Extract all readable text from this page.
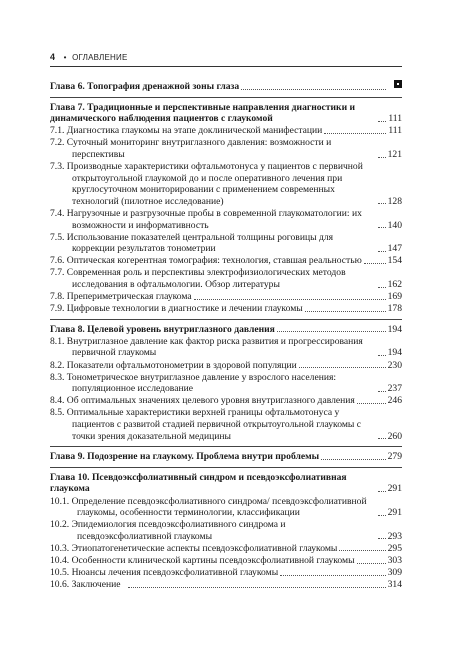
4 • ОГЛАВЛЕНИЕ
Глава 6. Топография дренажной зоны глаза
Глава 7. Традиционные и перспективные направления диагностики и динамического наблюдения пациентов с глаукомой	111
7.1. Диагностика глаукомы на этапе доклинической манифестации	111
7.2. Суточный мониторинг внутриглазного давления: возможности и перспективы	121
7.3. Производные характеристики офтальмотонуса у пациентов с первичной открытоугольной глаукомой до и после оперативного лечения при круглосуточном мониторировании с применением современных технологий (пилотное исследование)	128
7.4. Нагрузочные и разгрузочные пробы в современной глаукоматологии: их возможности и информативность	140
7.5. Использование показателей центральной толщины роговицы для коррекции результатов тонометрии	147
7.6. Оптическая когерентная томография: технология, ставшая реальностью	154
7.7. Современная роль и перспективы электрофизиологических методов исследования в офтальмологии. Обзор литературы	162
7.8. Препериметрическая глаукома	169
7.9. Цифровые технологии в диагностике и лечении глаукомы	178
Глава 8. Целевой уровень внутриглазного давления	194
8.1. Внутриглазное давление как фактор риска развития и прогрессирования первичной глаукомы	194
8.2. Показатели офтальмотонометрии в здоровой популяции	230
8.3. Тонометрическое внутриглазное давление у взрослого населения: популяционное исследование	237
8.4. Об оптимальных значениях целевого уровня внутриглазного давления	246
8.5. Оптимальные характеристики верхней границы офтальмотонуса у пациентов с развитой стадией первичной открытоугольной глаукомы с точки зрения доказательной медицины	260
Глава 9. Подозрение на глаукому. Проблема внутри проблемы	279
Глава 10. Псевдоэксфолиативный синдром и псевдоэксфолиативная глаукома	291
10.1. Определение псевдоэксфолиативного синдрома/ псевдоэксфолиативной глаукомы, особенности терминологии, классификации	291
10.2. Эпидемиология псевдоэксфолиативного синдрома и псевдоэксфолиативной глаукомы	293
10.3. Этиопатогенетические аспекты псевдоэксфолиативной глаукомы	295
10.4. Особенности клинической картины псевдоэксфолиативной глаукомы	303
10.5. Нюансы лечения псевдоэксфолиативной глаукомы	309
10.6. Заключение	314
